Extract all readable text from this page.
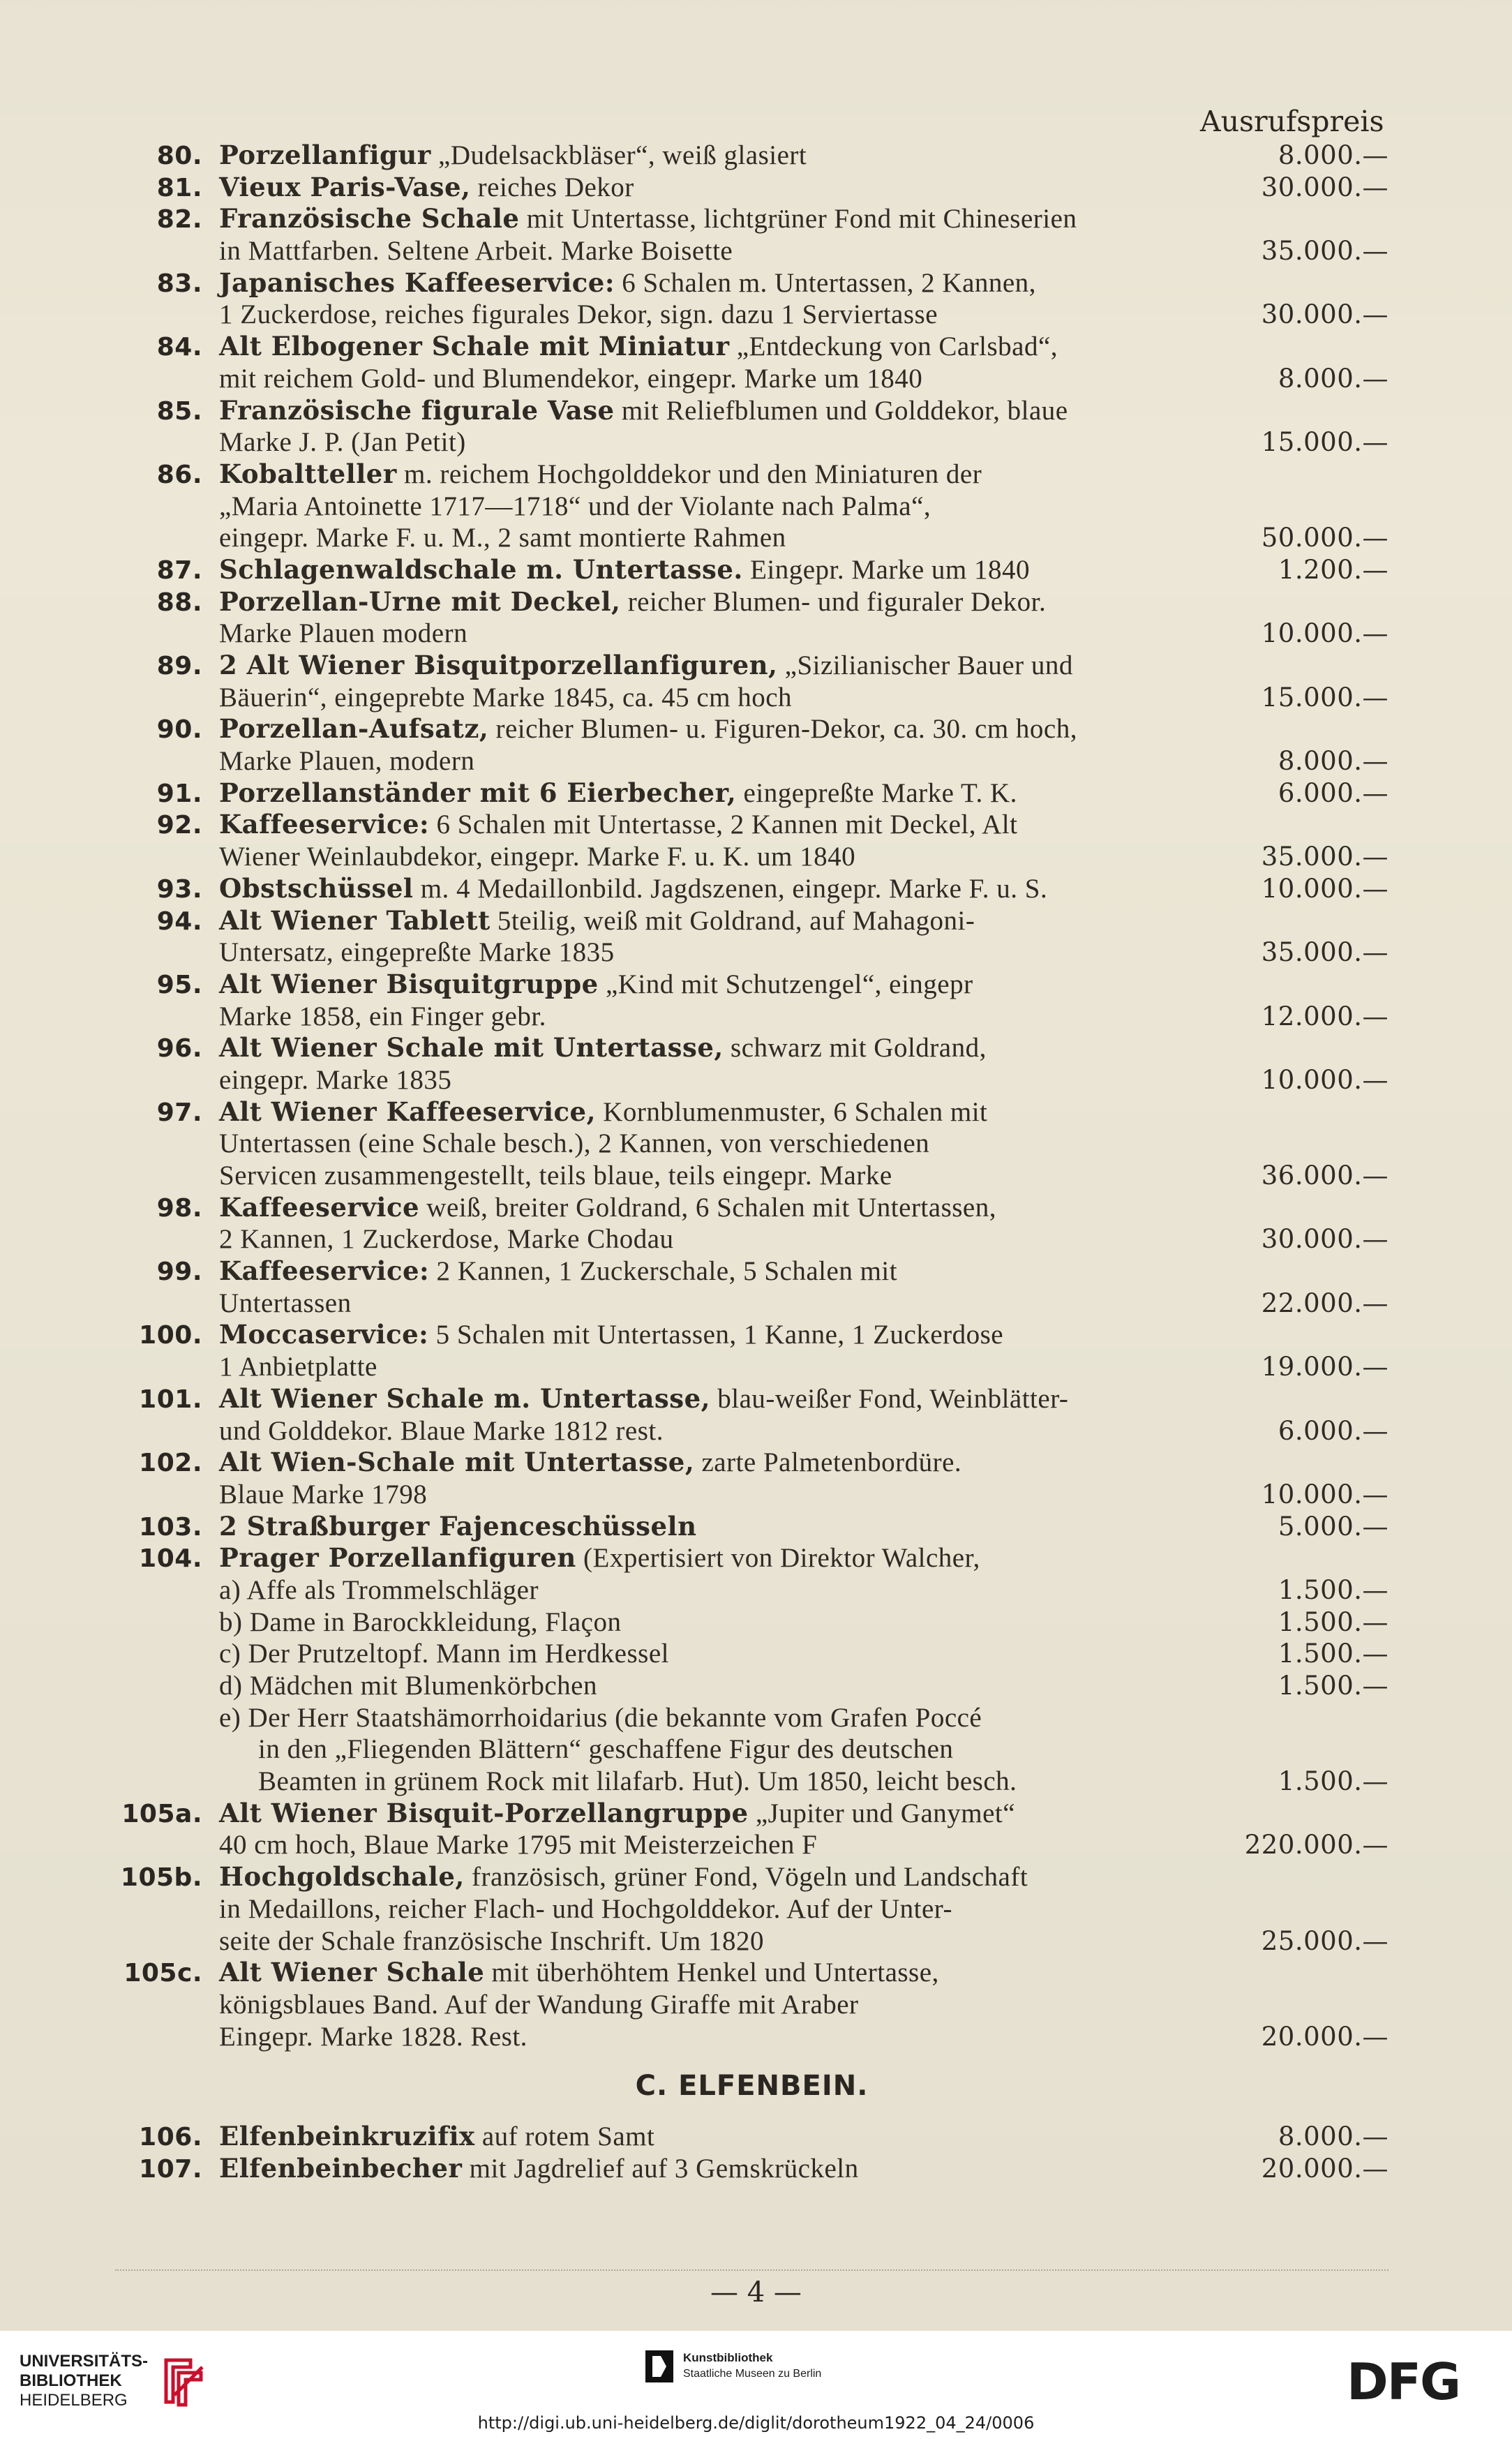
Ausrufspreis
80. Porzellanfigur „Dudelsackbläser“, weiß glasiert	8.000.—
81. Vieux Paris-Vase, reiches Dekor	30.000.—
82. Französische Schale mit Untertasse, lichtgrüner Fond mit Chineserien
in Mattfarben. Seltene Arbeit. Marke Boisette	35.000.—
83. Japanisches Kaffeeservice: 6 Schalen m. Untertassen, 2 Kannen,
1 Zuckerdose, reiches figurales Dekor, sign. dazu 1 Serviertasse	30.000.—
84. Alt Elbogener Schale mit Miniatur „Entdeckung von Carlsbad“,
mit reichem Gold- und Blumendekor, eingepr. Marke um 1840	8.000.—
85. Französische figurale Vase mit Reliefblumen und Golddekor, blaue
Marke J. P. (Jan Petit)	15.000.—
86. Kobaltteller m. reichem Hochgolddekor und den Miniaturen der
„Maria Antoinette 1717—1718“ und der Violante nach Palma“,
eingepr. Marke F. u. M., 2 samt montierte Rahmen	50.000.—
87. Schlagenwaldschale m. Untertasse. Eingepr. Marke um 1840	1.200.—
88. Porzellan-Urne mit Deckel, reicher Blumen- und figuraler Dekor.
Marke Plauen modern	10.000.—
89. 2 Alt Wiener Bisquitporzellanfiguren, „Sizilianischer Bauer und
Bäuerin“, eingeprebte Marke 1845, ca. 45 cm hoch	15.000.—
90. Porzellan-Aufsatz, reicher Blumen- u. Figuren-Dekor, ca. 30. cm hoch,
Marke Plauen, modern	8.000.—
91. Porzellanständer mit 6 Eierbecher, eingepreßte Marke T. K.	6.000.—
92. Kaffeeservice: 6 Schalen mit Untertasse, 2 Kannen mit Deckel, Alt
Wiener Weinlaubdekor, eingepr. Marke F. u. K. um 1840	35.000.—
93. Obstschüssel m. 4 Medaillonbild. Jagdszenen, eingepr. Marke F. u. S.	10.000.—
94. Alt Wiener Tablett 5teilig, weiß mit Goldrand, auf Mahagoni-
Untersatz, eingepreßte Marke 1835	35.000.—
95. Alt Wiener Bisquitgruppe „Kind mit Schutzengel“, eingepr
Marke 1858, ein Finger gebr.	12.000.—
96. Alt Wiener Schale mit Untertasse, schwarz mit Goldrand,
eingepr. Marke 1835	10.000.—
97. Alt Wiener Kaffeeservice, Kornblumenmuster, 6 Schalen mit
Untertassen (eine Schale besch.), 2 Kannen, von verschiedenen
Servicen zusammengestellt, teils blaue, teils eingepr. Marke	36.000.—
98. Kaffeeservice weiß, breiter Goldrand, 6 Schalen mit Untertassen,
2 Kannen, 1 Zuckerdose, Marke Chodau	30.000.—
99. Kaffeeservice: 2 Kannen, 1 Zuckerschale, 5 Schalen mit
Untertassen	22.000.—
100. Moccaservice: 5 Schalen mit Untertassen, 1 Kanne, 1 Zuckerdose
1 Anbietplatte	19.000.—
101. Alt Wiener Schale m. Untertasse, blau-weißer Fond, Weinblätter-
und Golddekor. Blaue Marke 1812 rest.	6.000.—
102. Alt Wien-Schale mit Untertasse, zarte Palmetenbordüre.
Blaue Marke 1798	10.000.—
103. 2 Straßburger Fajenceschüsseln	5.000.—
104. Prager Porzellanfiguren (Expertisiert von Direktor Walcher,
a) Affe als Trommelschläger	1.500.—
b) Dame in Barockkleidung, Flaçon	1.500.—
c) Der Prutzeltopf. Mann im Herdkessel	1.500.—
d) Mädchen mit Blumenkörbchen	1.500.—
e) Der Herr Staatshämorrhoidarius (die bekannte vom Grafen Poccé
in den „Fliegenden Blättern“ geschaffene Figur des deutschen
Beamten in grünem Rock mit lilafarb. Hut). Um 1850, leicht besch.	1.500.—
105a. Alt Wiener Bisquit-Porzellangruppe „Jupiter und Ganymet“
40 cm hoch, Blaue Marke 1795 mit Meisterzeichen F	220.000.—
105b. Hochgoldschale, französisch, grüner Fond, Vögeln und Landschaft
in Medaillons, reicher Flach- und Hochgolddekor. Auf der Unter-
seite der Schale französische Inschrift. Um 1820	25.000.—
105c. Alt Wiener Schale mit überhöhtem Henkel und Untertasse,
königsblaues Band. Auf der Wandung Giraffe mit Araber
Eingepr. Marke 1828. Rest.	20.000.—
C. ELFENBEIN.
106. Elfenbeinkruzifix auf rotem Samt	8.000.—
107. Elfenbeinbecher mit Jagdrelief auf 3 Gemskrückeln	20.000.—
— 4 —
UNIVERSITÄTS-
BIBLIOTHEK
HEIDELBERG
Kunstbibliothek
Staatliche Museen zu Berlin	DFG
http://digi.ub.uni-heidelberg.de/diglit/dorotheum1922_04_24/0006
